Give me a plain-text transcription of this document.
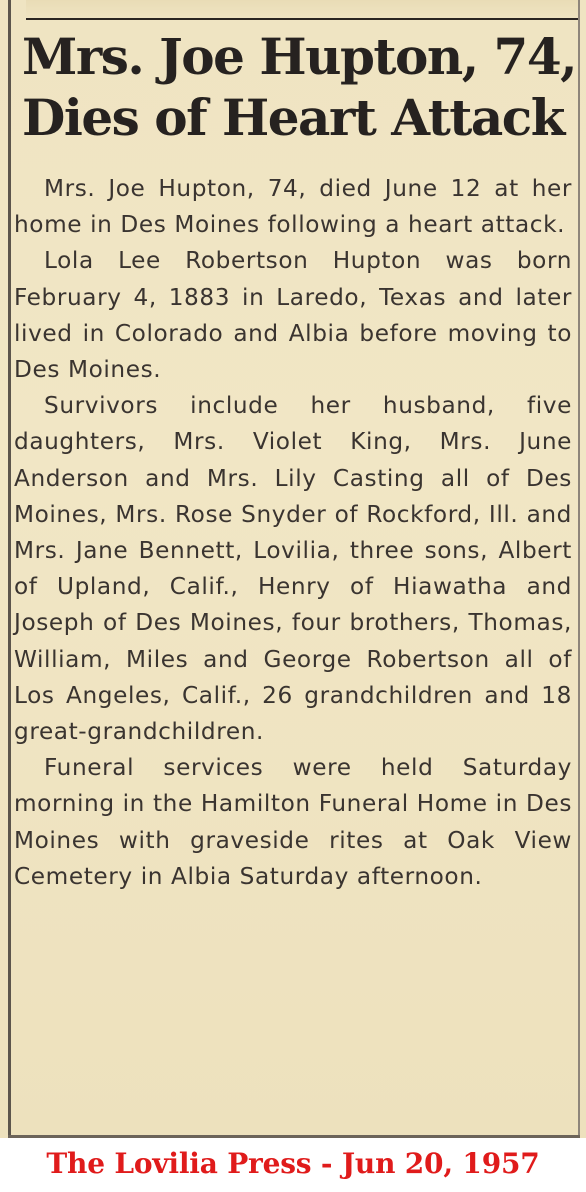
Mrs. Joe Hupton, 74,
Dies of Heart Attack

Mrs. Joe Hupton, 74, died June 12 at her home in Des Moines following a heart attack.

Lola Lee Robertson Hupton was born February 4, 1883 in Laredo, Texas and later lived in Colorado and Albia before moving to Des Moines.

Survivors include her husband, five daughters, Mrs. Violet King, Mrs. June Anderson and Mrs. Lily Casting all of Des Moines, Mrs. Rose Snyder of Rockford, Ill. and Mrs. Jane Bennett, Lovilia, three sons, Albert of Upland, Calif., Henry of Hiawatha and Joseph of Des Moines, four brothers, Thomas, William, Miles and George Robertson all of Los Angeles, Calif., 26 grandchildren and 18 great-grandchildren.

Funeral services were held Saturday morning in the Hamilton Funeral Home in Des Moines with graveside rites at Oak View Cemetery in Albia Saturday afternoon.

The Lovilia Press - Jun 20, 1957
